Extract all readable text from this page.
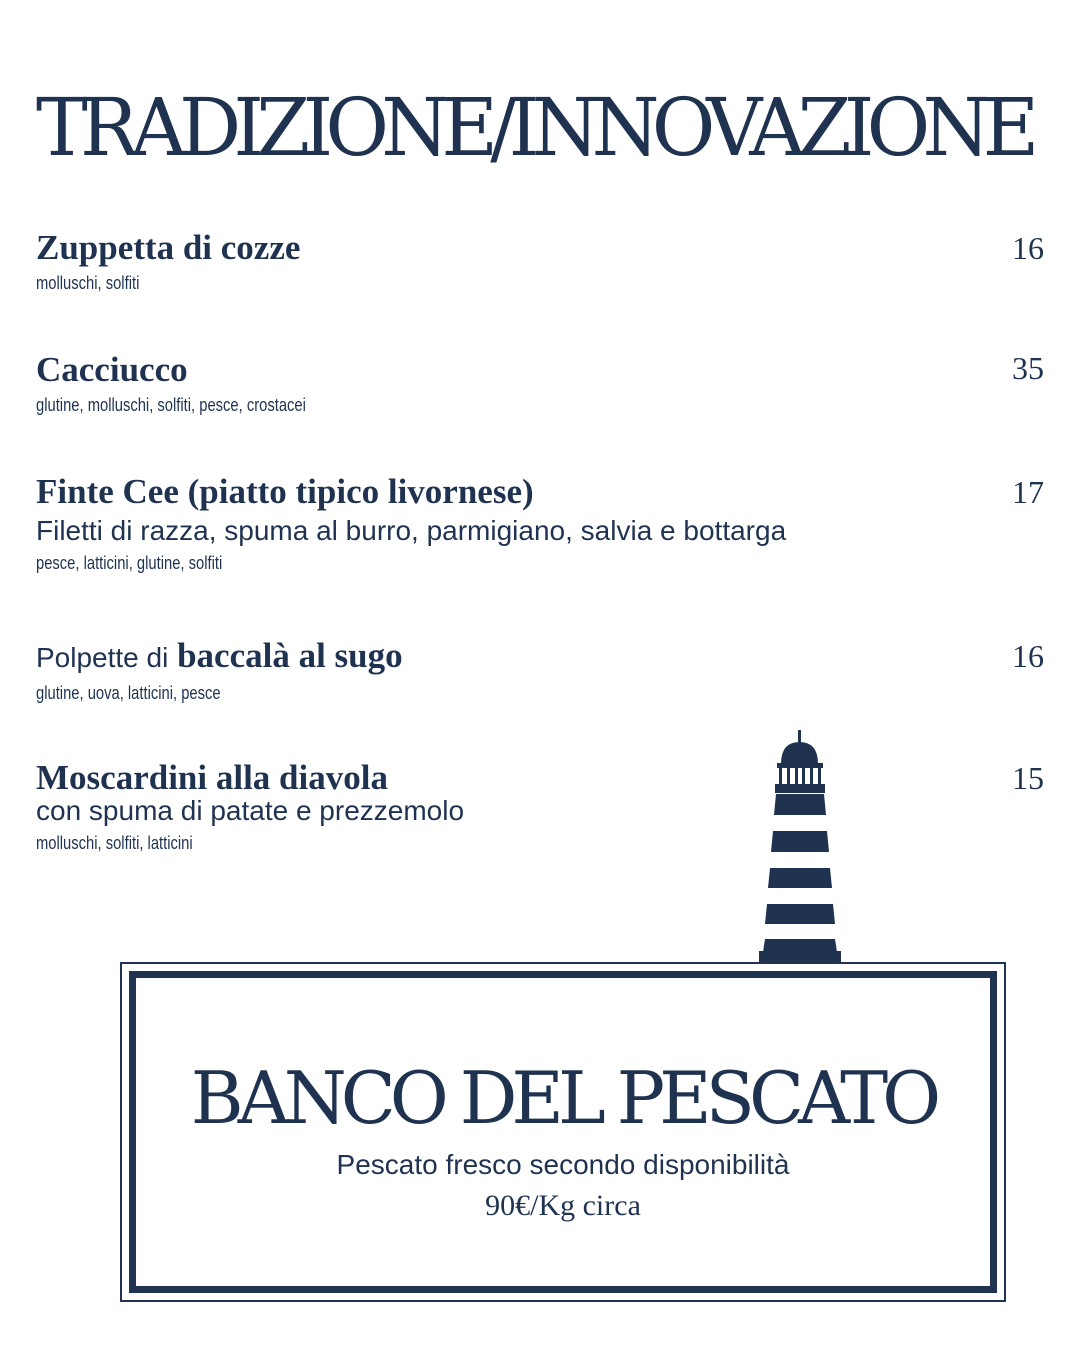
TRADIZIONE/INNOVAZIONE
Zuppetta di cozze	16
molluschi, solfiti
Cacciucco	35
glutine, molluschi, solfiti, pesce, crostacei
Finte Cee (piatto tipico livornese)	17
Filetti di razza, spuma al burro, parmigiano, salvia e bottarga
pesce, latticini, glutine, solfiti
Polpette di baccalà al sugo	16
glutine, uova, latticini, pesce
Moscardini alla diavola	15
con spuma di patate e prezzemolo
molluschi, solfiti, latticini
BANCO DEL PESCATO
Pescato fresco secondo disponibilità
90€/Kg circa
